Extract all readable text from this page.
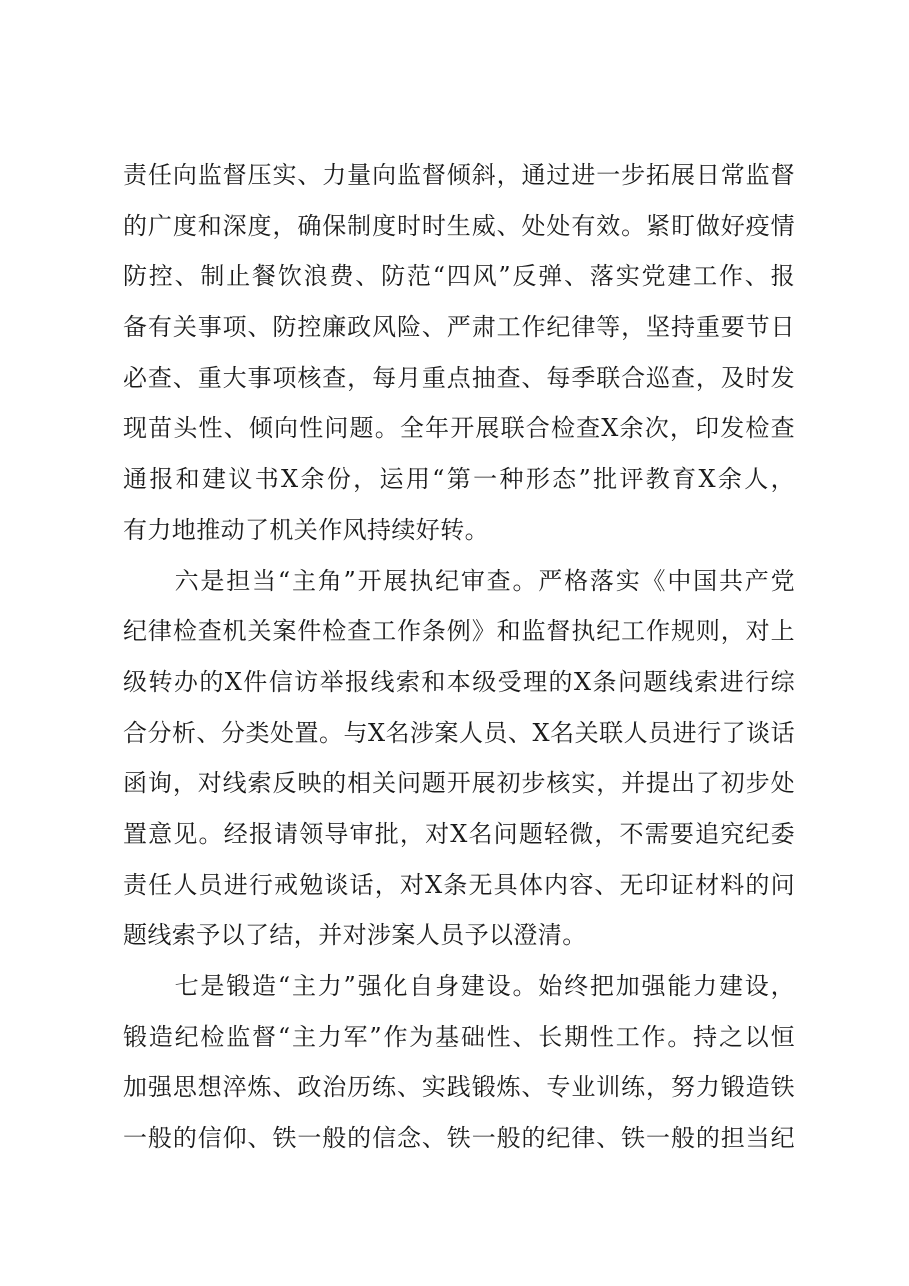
责任向监督压实、力量向监督倾斜，通过进一步拓展日常监督
的广度和深度，确保制度时时生威、处处有效。紧盯做好疫情
防控、制止餐饮浪费、防范“四风”反弹、落实党建工作、报
备有关事项、防控廉政风险、严肃工作纪律等，坚持重要节日
必查、重大事项核查，每月重点抽查、每季联合巡查，及时发
现苗头性、倾向性问题。全年开展联合检查X余次，印发检查
通报和建议书X余份，运用“第一种形态”批评教育X余人，
有力地推动了机关作风持续好转。
　　六是担当“主角”开展执纪审查。严格落实《中国共产党
纪律检查机关案件检查工作条例》和监督执纪工作规则，对上
级转办的X件信访举报线索和本级受理的X条问题线索进行综
合分析、分类处置。与X名涉案人员、X名关联人员进行了谈话
函询，对线索反映的相关问题开展初步核实，并提出了初步处
置意见。经报请领导审批，对X名问题轻微，不需要追究纪委
责任人员进行戒勉谈话，对X条无具体内容、无印证材料的问
题线索予以了结，并对涉案人员予以澄清。
　　七是锻造“主力”强化自身建设。始终把加强能力建设，
锻造纪检监督“主力军”作为基础性、长期性工作。持之以恒
加强思想淬炼、政治历练、实践锻炼、专业训练，努力锻造铁
一般的信仰、铁一般的信念、铁一般的纪律、铁一般的担当纪
